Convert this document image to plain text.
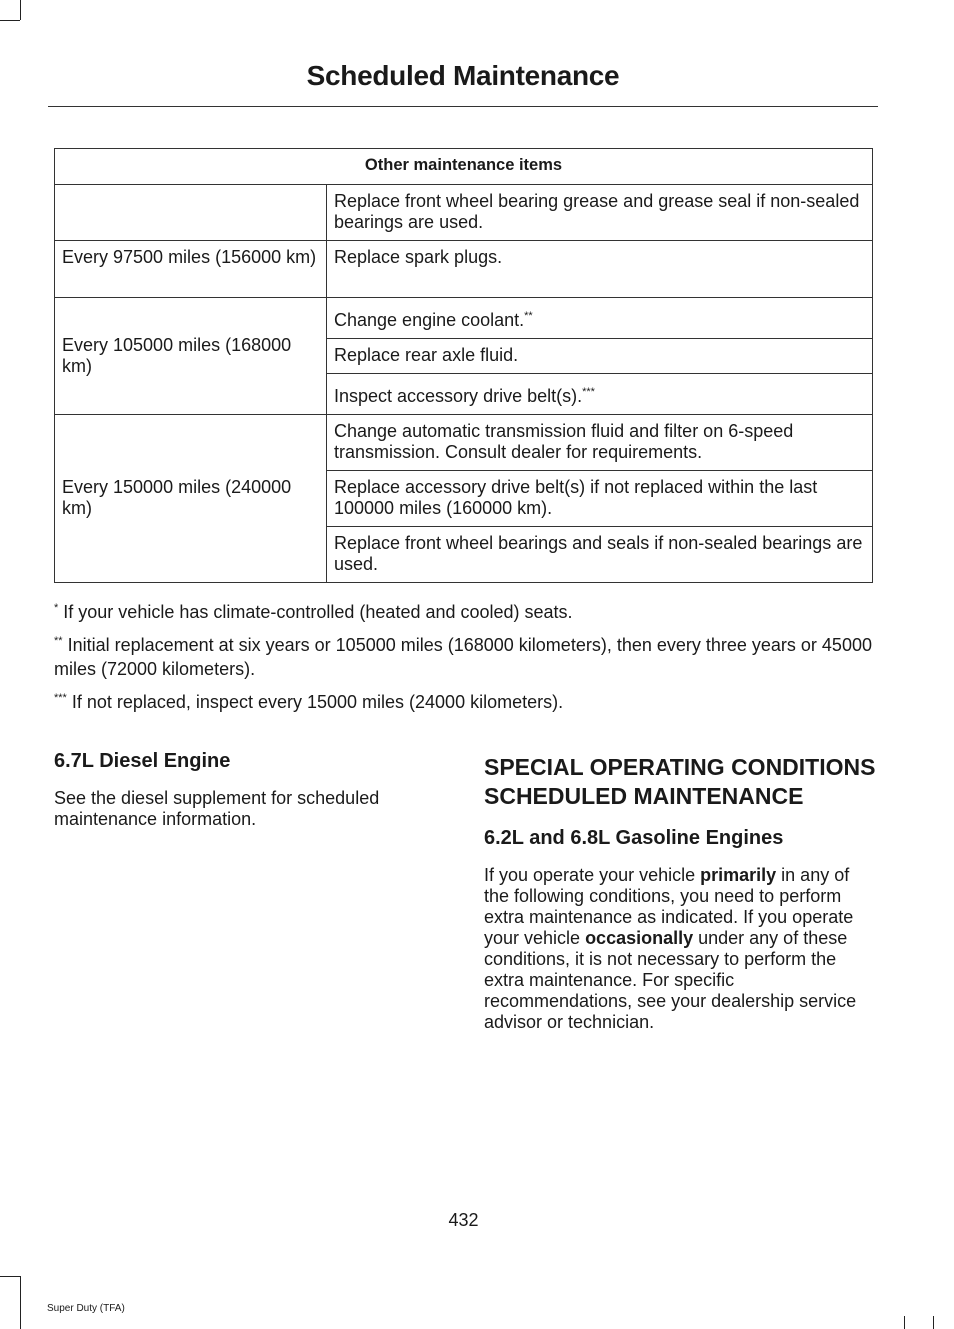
Scheduled Maintenance
Other maintenance items	
	Replace front wheel bearing grease and grease seal if non-sealed bearings are used.
Every 97500 miles (156000 km)	Replace spark plugs.
Every 105000 miles (168000 km)	Change engine coolant.**
	Replace rear axle fluid.
	Inspect accessory drive belt(s).***
Every 150000 miles (240000 km)	Change automatic transmission fluid and filter on 6-speed transmission. Consult dealer for requirements.
	Replace accessory drive belt(s) if not replaced within the last 100000 miles (160000 km).
	Replace front wheel bearings and seals if non-sealed bearings are used.

* If your vehicle has climate-controlled (heated and cooled) seats.

** Initial replacement at six years or 105000 miles (168000 kilometers), then every three years or 45000 miles (72000 kilometers).

*** If not replaced, inspect every 15000 miles (24000 kilometers).

6.7L Diesel Engine

See the diesel supplement for scheduled maintenance information.

SPECIAL OPERATING CONDITIONS SCHEDULED MAINTENANCE
6.2L and 6.8L Gasoline Engines

If you operate your vehicle primarily in any of the following conditions, you need to perform extra maintenance as indicated. If you operate your vehicle occasionally under any of these conditions, it is not necessary to perform the extra maintenance. For specific recommendations, see your dealership service advisor or technician.

432
Super Duty (TFA)
